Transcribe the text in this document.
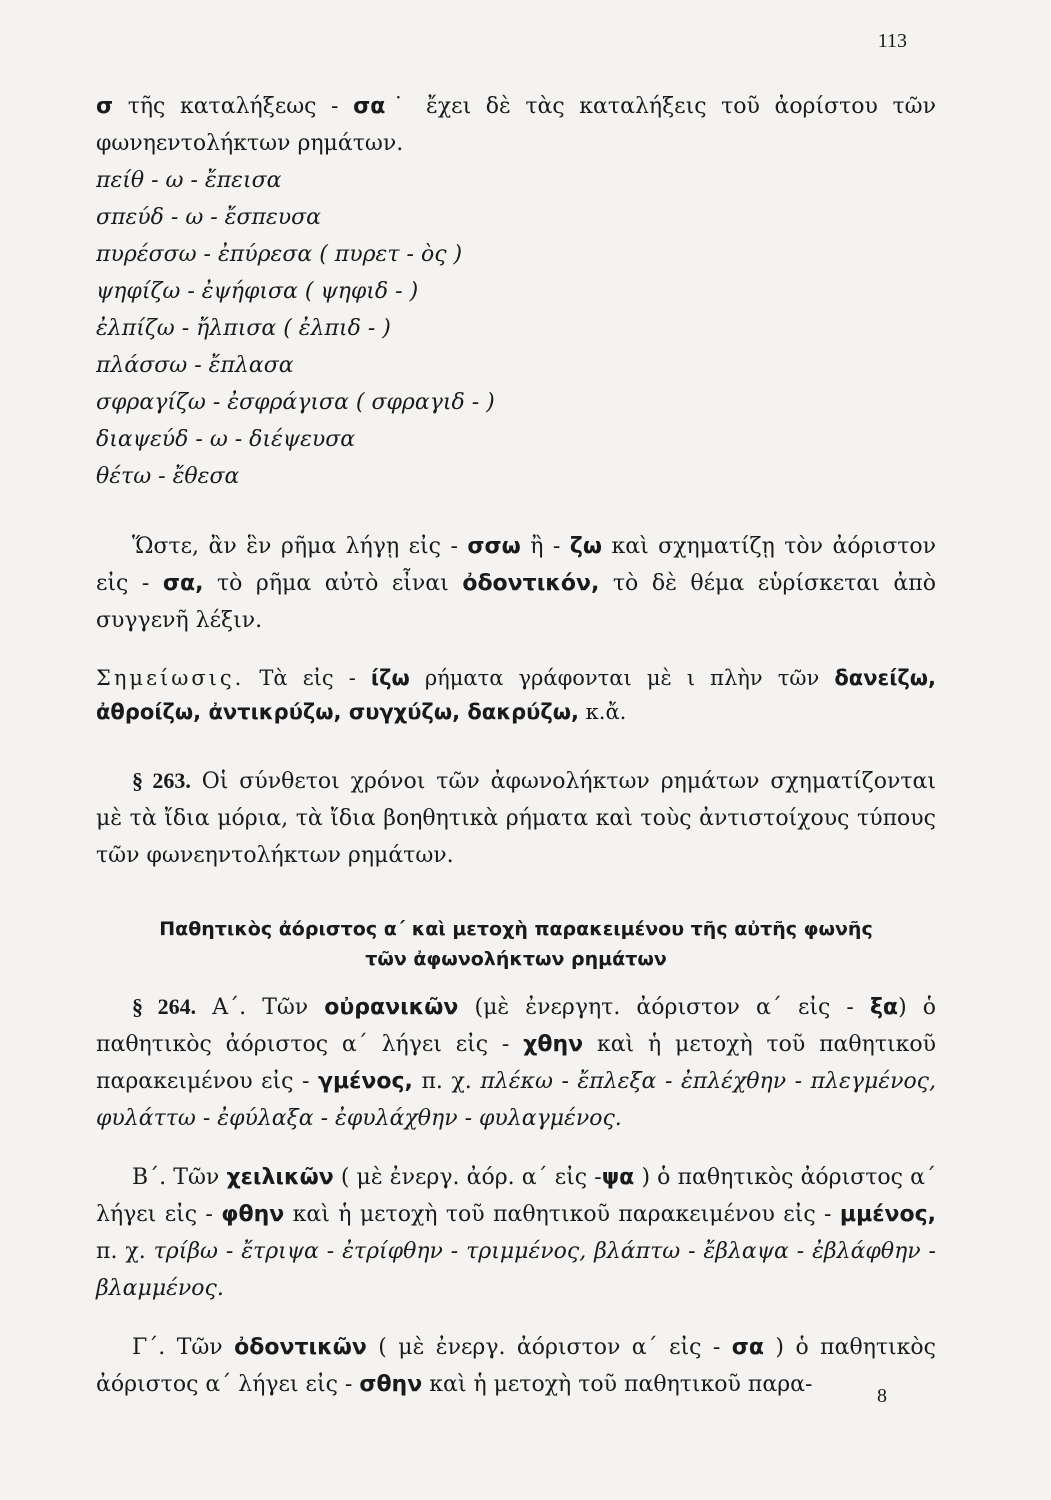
113

σ τῆς καταλήξεως - σα˙ ἔχει δὲ τὰς καταλήξεις τοῦ ἀορίστου τῶν φωνηεντολήκτων ρημάτων.

πείθ - ω - ἔπεισα
σπεύδ - ω - ἔσπευσα
πυρέσσω - ἐπύρεσα ( πυρετ - ὸς )
ψηφίζω - ἐψήφισα ( ψηφιδ - )
ἐλπίζω - ἤλπισα ( ἐλπιδ - )
πλάσσω - ἔπλασα
σφραγίζω - ἐσφράγισα ( σφραγιδ - )
διαψεύδ - ω - διέψευσα
θέτω - ἔθεσα

Ὥστε, ἂν ἓν ρῆμα λήγῃ εἰς - σσω ἢ - ζω καὶ σχηματίζῃ τὸν ἀόριστον εἰς - σα, τὸ ρῆμα αὐτὸ εἶναι ὀδοντικόν, τὸ δὲ θέμα εὑρίσκεται ἀπὸ συγγενῆ λέξιν.

Σημείωσις. Τὰ εἰς - ίζω ρήματα γράφονται μὲ ι πλὴν τῶν δανείζω, ἀθροίζω, ἀντικρύζω, συγχύζω, δακρύζω, κ.ἄ.

§ 263. Οἱ σύνθετοι χρόνοι τῶν ἀφωνολήκτων ρημάτων σχηματίζονται μὲ τὰ ἴδια μόρια, τὰ ἴδια βοηθητικὰ ρήματα καὶ τοὺς ἀντιστοίχους τύπους τῶν φωνεηντολήκτων ρημάτων.

Παθητικὸς ἀόριστος α΄ καὶ μετοχὴ παρακειμένου τῆς αὐτῆς φωνῆς
τῶν ἀφωνολήκτων ρημάτων

§ 264. Α΄. Τῶν οὐρανικῶν (μὲ ἐνεργητ. ἀόριστον α΄ εἰς - ξα) ὁ παθητικὸς ἀόριστος α΄ λήγει εἰς - χθην καὶ ἡ μετοχὴ τοῦ παθητικοῦ παρακειμένου εἰς - γμένος, π. χ. πλέκω - ἔπλεξα - ἐπλέχθην - πλεγμένος, φυλάττω - ἐφύλαξα - ἐφυλάχθην - φυλαγμένος.

Β΄. Τῶν χειλικῶν ( μὲ ἐνεργ. ἀόρ. α΄ εἰς -ψα ) ὁ παθητικὸς ἀόριστος α΄ λήγει εἰς - φθην καὶ ἡ μετοχὴ τοῦ παθητικοῦ παρακειμένου εἰς - μμένος, π. χ. τρίβω - ἔτριψα - ἐτρίφθην - τριμμένος, βλάπτω - ἔβλαψα - ἐβλάφθην - βλαμμένος.

Γ΄. Τῶν ὀδοντικῶν ( μὲ ἐνεργ. ἀόριστον α΄ εἰς - σα ) ὁ παθητικὸς ἀόριστος α΄ λήγει εἰς - σθην καὶ ἡ μετοχὴ τοῦ παθητικοῦ παρα-	8
